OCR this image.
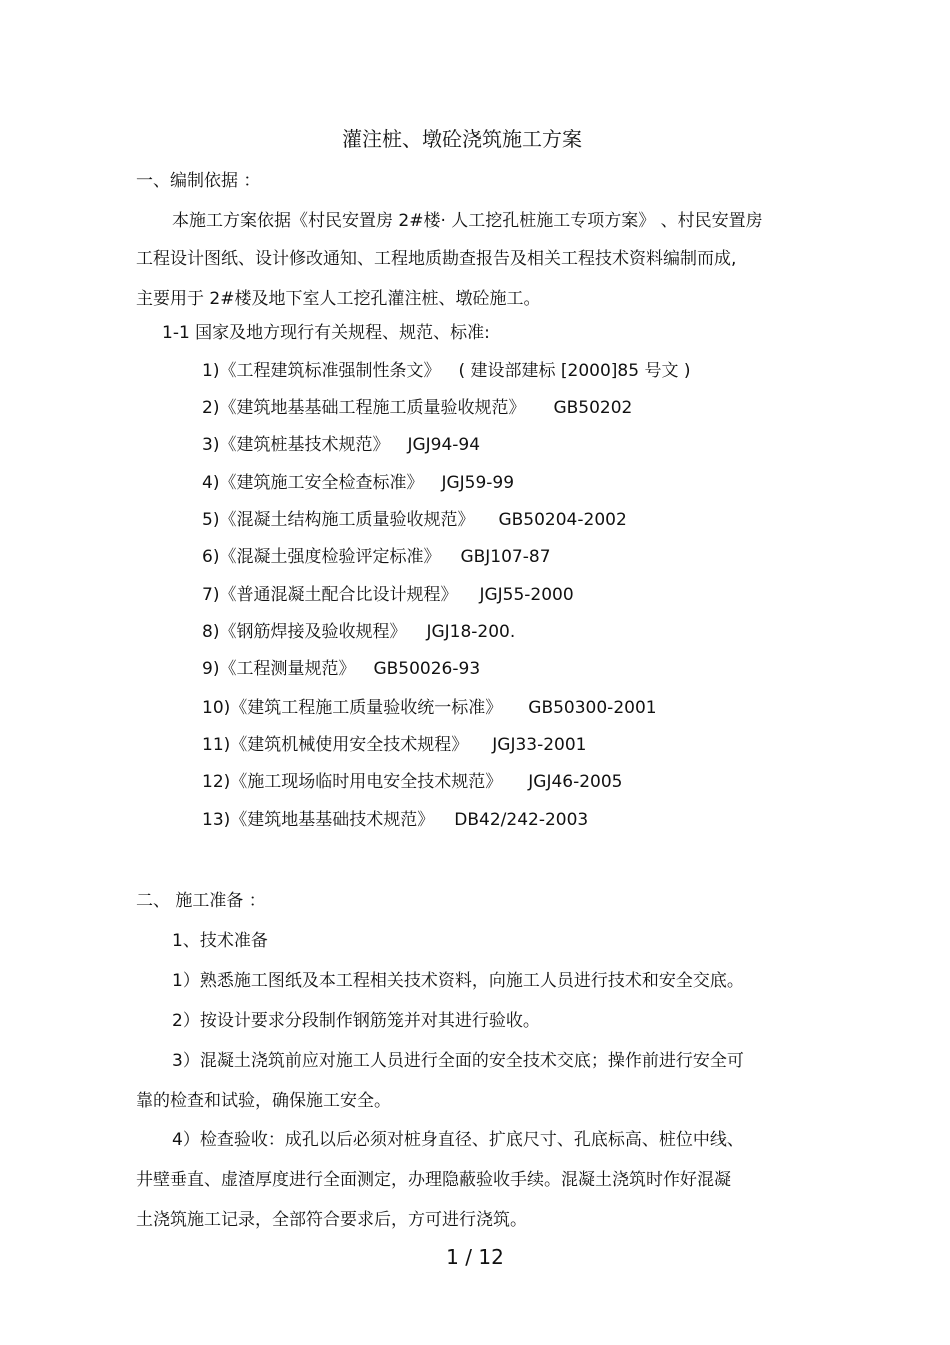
灌注桩、墩砼浇筑施工方案
一、编制依据 ：
本施工方案依据《村民安置房 2#楼· 人工挖孔桩施工专项方案》 、村民安置房
工程设计图纸、设计修改通知、工程地质勘查报告及相关工程技术资料编制而成,
主要用于 2#楼及地下室人工挖孔灌注桩、墩砼施工。
1-1 国家及地方现行有关规程、规范、标准:
1)《工程建筑标准强制性条文》 ( 建设部建标 [2000]85 号文 )
2)《建筑地基基础工程施工质量验收规范》 GB50202
3)《建筑桩基技术规范》 JGJ94-94
4)《建筑施工安全检查标准》 JGJ59-99
5)《混凝土结构施工质量验收规范》 GB50204-2002
6)《混凝土强度检验评定标准》 GBJ107-87
7)《普通混凝土配合比设计规程》 JGJ55-2000
8)《钢筋焊接及验收规程》 JGJ18-200.
9)《工程测量规范》 GB50026-93
10)《建筑工程施工质量验收统一标准》 GB50300-2001
11)《建筑机械使用安全技术规程》 JGJ33-2001
12)《施工现场临时用电安全技术规范》 JGJ46-2005
13)《建筑地基基础技术规范》 DB42/242-2003
二、 施工准备 ：
1、技术准备
1）熟悉施工图纸及本工程相关技术资料，向施工人员进行技术和安全交底。
2）按设计要求分段制作钢筋笼并对其进行验收。
3）混凝土浇筑前应对施工人员进行全面的安全技术交底；操作前进行安全可
靠的检查和试验，确保施工安全。
4）检查验收：成孔以后必须对桩身直径、扩底尺寸、孔底标高、桩位中线、
井壁垂直、虚渣厚度进行全面测定，办理隐蔽验收手续。混凝土浇筑时作好混凝
土浇筑施工记录，全部符合要求后，方可进行浇筑。
1 / 12
